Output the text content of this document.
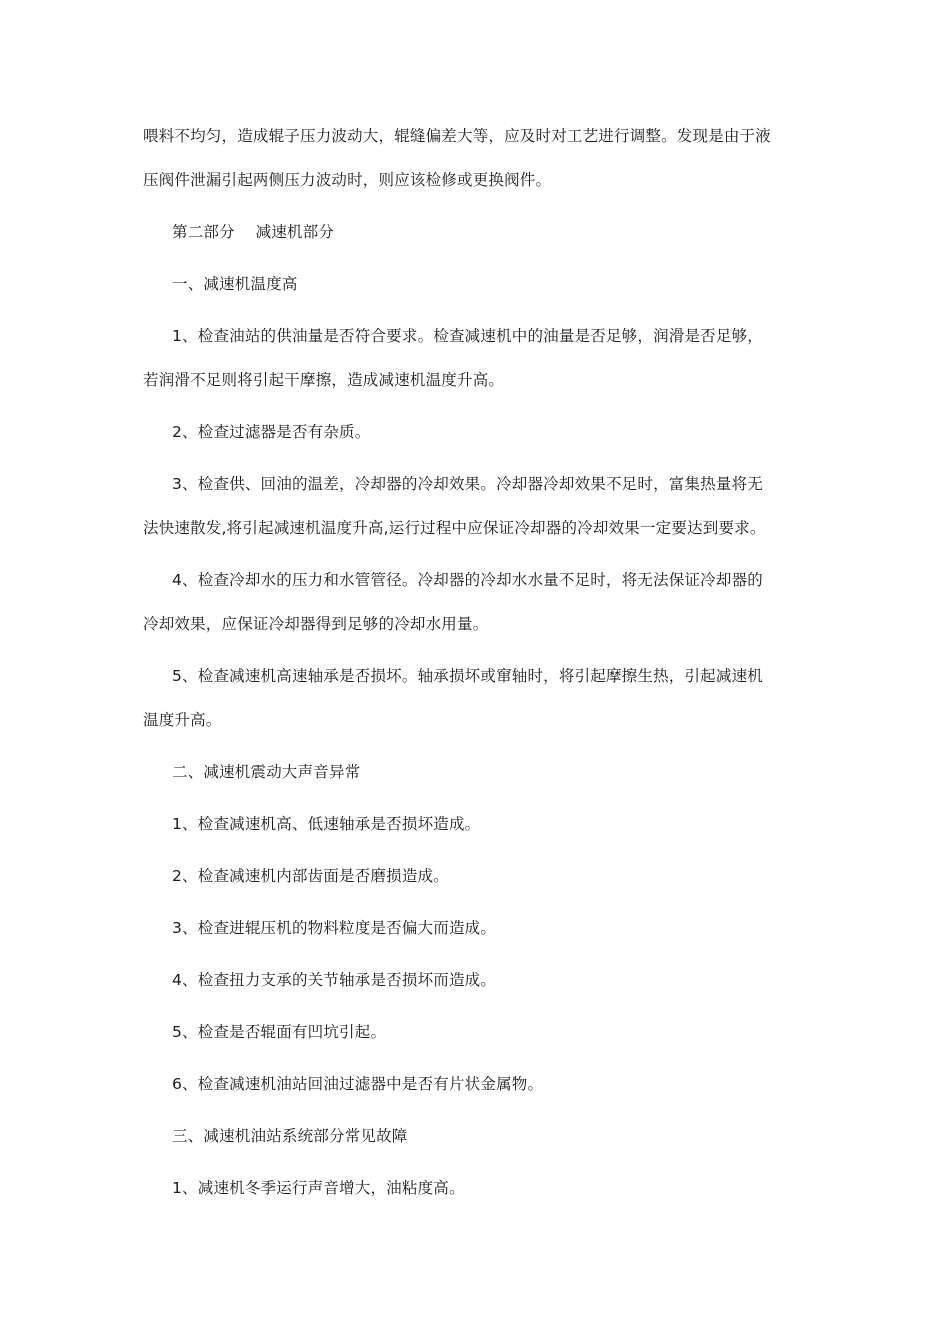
喂料不均匀，造成辊子压力波动大，辊缝偏差大等，应及时对工艺进行调整。发现是由于液
压阀件泄漏引起两侧压力波动时，则应该检修或更换阀件。
第二部分　 减速机部分
一、减速机温度高
1、检查油站的供油量是否符合要求。检查减速机中的油量是否足够，润滑是否足够，
若润滑不足则将引起干摩擦，造成减速机温度升高。
2、检查过滤器是否有杂质。
3、检查供、回油的温差，冷却器的冷却效果。冷却器冷却效果不足时，富集热量将无
法快速散发,将引起减速机温度升高,运行过程中应保证冷却器的冷却效果一定要达到要求。
4、检查冷却水的压力和水管管径。冷却器的冷却水水量不足时，将无法保证冷却器的
冷却效果，应保证冷却器得到足够的冷却水用量。
5、检查减速机高速轴承是否损坏。轴承损坏或窜轴时，将引起摩擦生热，引起减速机
温度升高。
二、减速机震动大声音异常
1、检查减速机高、低速轴承是否损坏造成。
2、检查减速机内部齿面是否磨损造成。
3、检查进辊压机的物料粒度是否偏大而造成。
4、检查扭力支承的关节轴承是否损坏而造成。
5、检查是否辊面有凹坑引起。
6、检查减速机油站回油过滤器中是否有片状金属物。
三、减速机油站系统部分常见故障
1、减速机冬季运行声音增大，油粘度高。
